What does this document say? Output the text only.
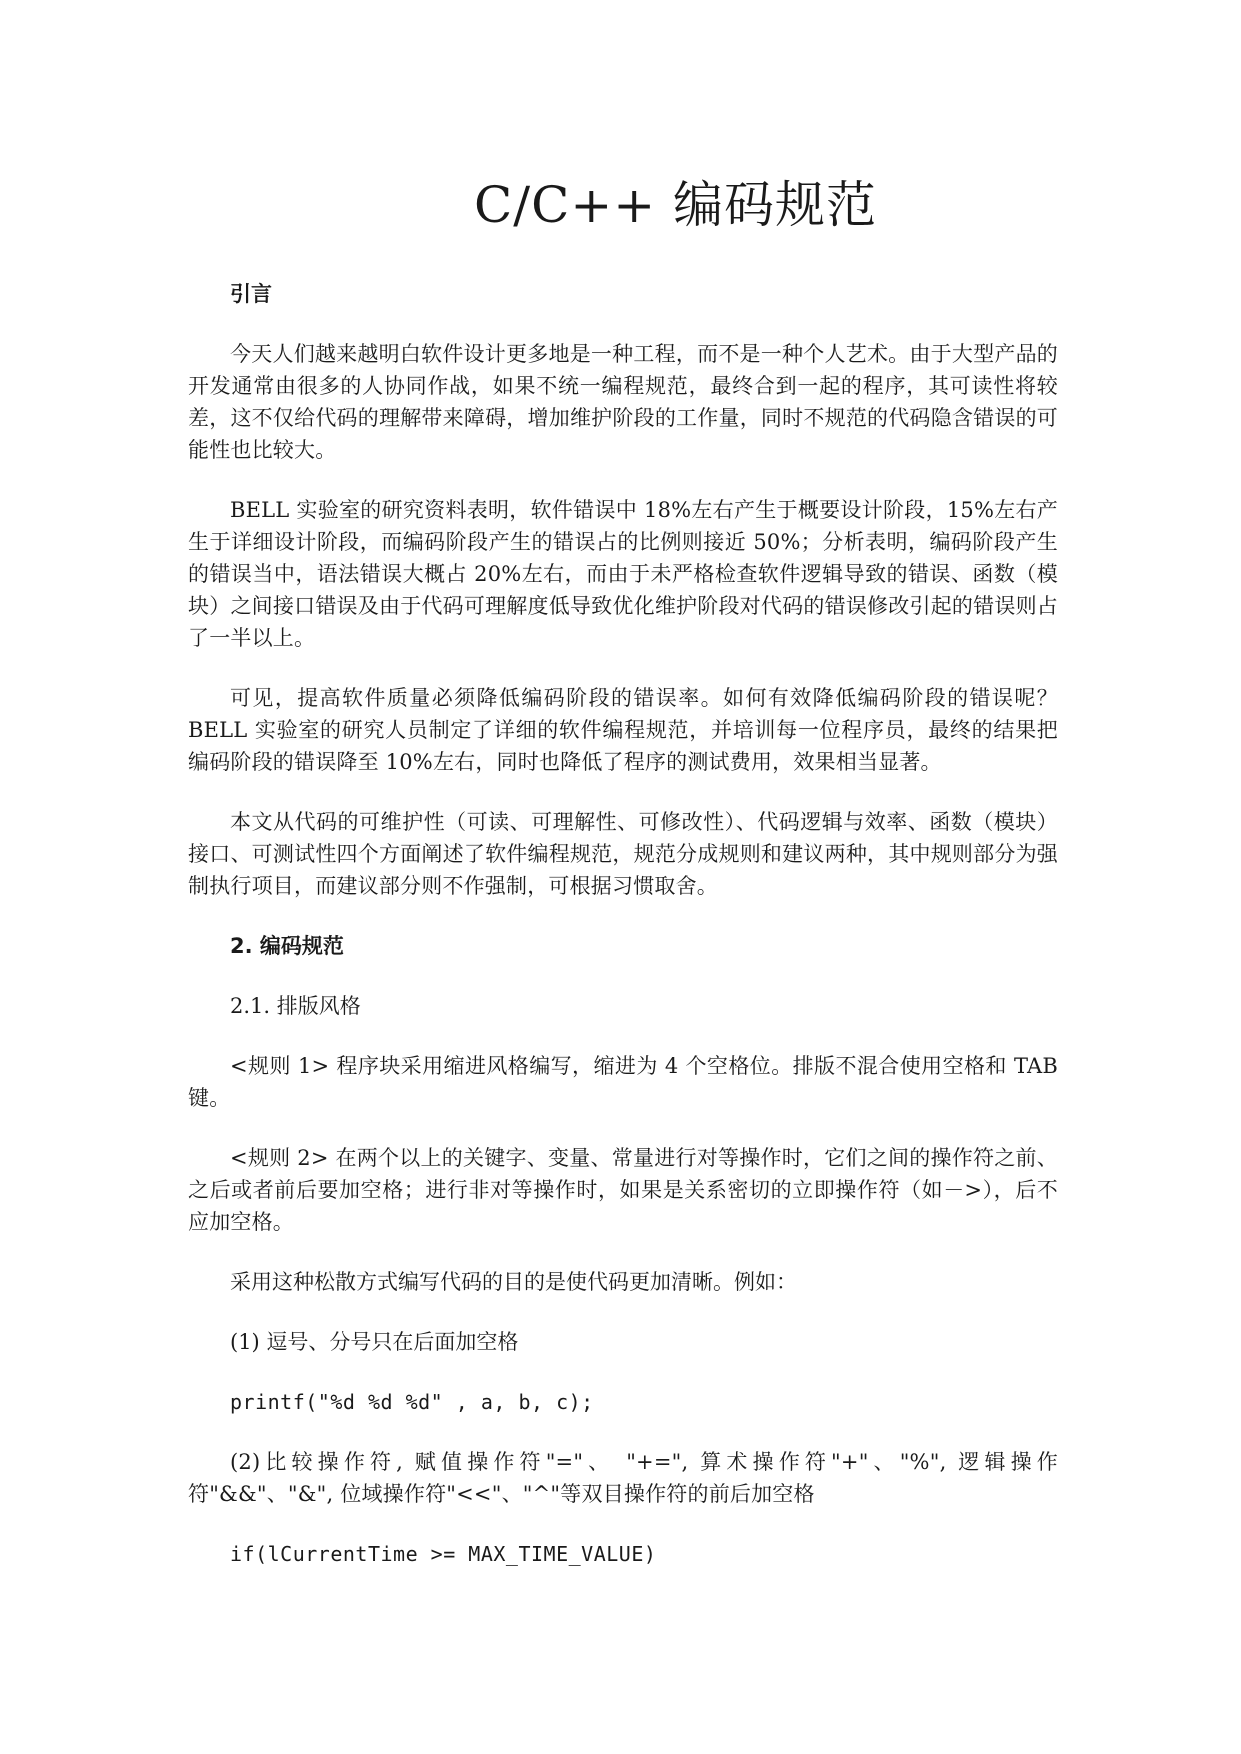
C/C++ 编码规范

引言

今天人们越来越明白软件设计更多地是一种工程，而不是一种个人艺术。由于大型产品的开发通常由很多的人协同作战，如果不统一编程规范，最终合到一起的程序，其可读性将较差，这不仅给代码的理解带来障碍，增加维护阶段的工作量，同时不规范的代码隐含错误的可能性也比较大。

BELL 实验室的研究资料表明，软件错误中 18%左右产生于概要设计阶段，15%左右产生于详细设计阶段，而编码阶段产生的错误占的比例则接近 50%；分析表明，编码阶段产生的错误当中，语法错误大概占 20%左右，而由于未严格检查软件逻辑导致的错误、函数（模块）之间接口错误及由于代码可理解度低导致优化维护阶段对代码的错误修改引起的错误则占了一半以上。

可见，提高软件质量必须降低编码阶段的错误率。如何有效降低编码阶段的错误呢？BELL 实验室的研究人员制定了详细的软件编程规范，并培训每一位程序员，最终的结果把编码阶段的错误降至 10%左右，同时也降低了程序的测试费用，效果相当显著。

本文从代码的可维护性（可读、可理解性、可修改性）、代码逻辑与效率、函数（模块）接口、可测试性四个方面阐述了软件编程规范，规范分成规则和建议两种，其中规则部分为强制执行项目，而建议部分则不作强制，可根据习惯取舍。

2. 编码规范

2.1. 排版风格

<规则 1> 程序块采用缩进风格编写，缩进为 4 个空格位。排版不混合使用空格和 TAB 键。

<规则 2> 在两个以上的关键字、变量、常量进行对等操作时，它们之间的操作符之前、之后或者前后要加空格；进行非对等操作时，如果是关系密切的立即操作符（如－>），后不应加空格。

采用这种松散方式编写代码的目的是使代码更加清晰。例如：

(1) 逗号、分号只在后面加空格

printf("%d %d %d" , a, b, c);

(2)比较操作符, 赋值操作符"="、 "+=", 算术操作符"+"、"%", 逻辑操作符"&&"、"&", 位域操作符"<<"、"^"等双目操作符的前后加空格

if(lCurrentTime >= MAX_TIME_VALUE)
